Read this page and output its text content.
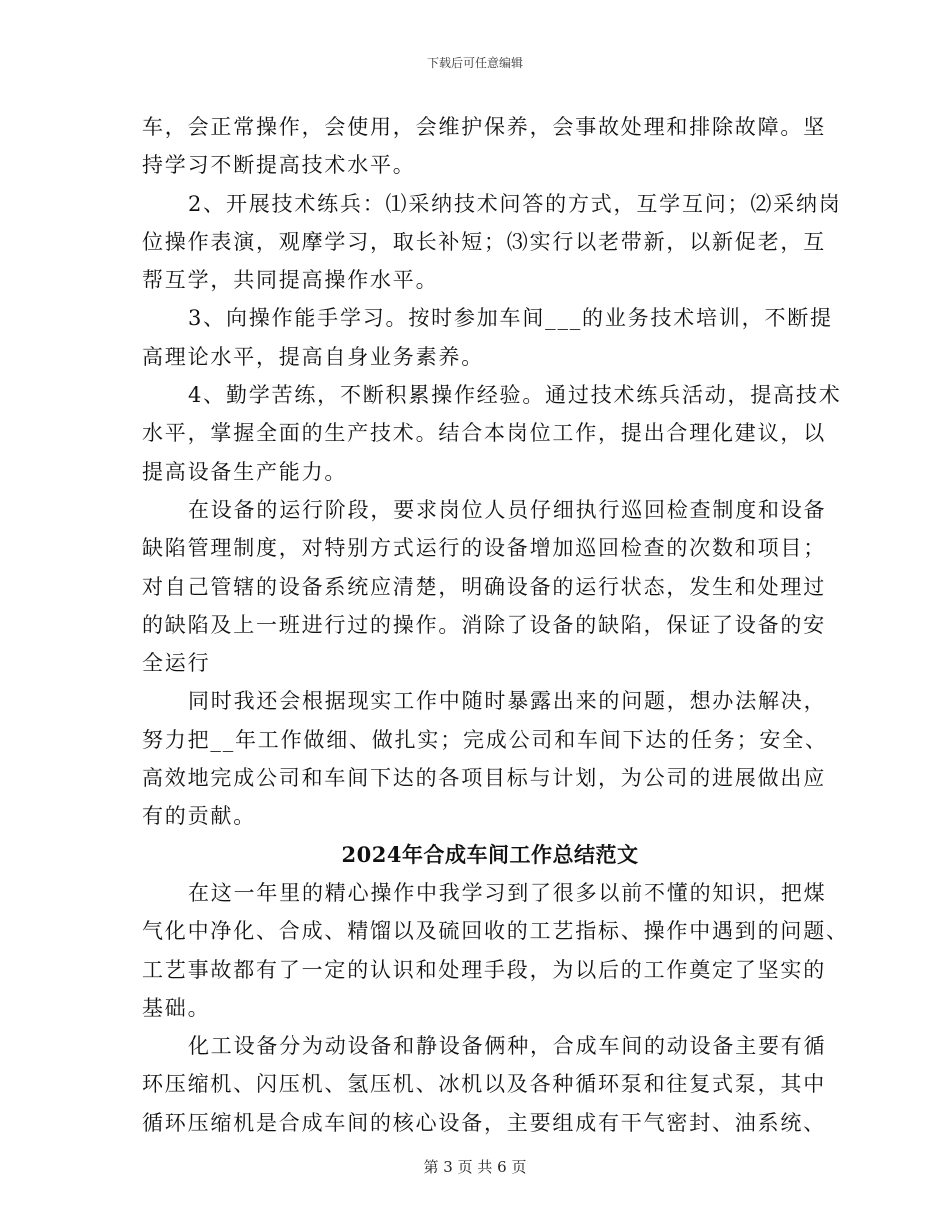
下载后可任意编辑
车，会正常操作，会使用，会维护保养，会事故处理和排除故障。坚
持学习不断提高技术水平。
2、开展技术练兵：⑴采纳技术问答的方式，互学互问；⑵采纳岗
位操作表演，观摩学习，取长补短；⑶实行以老带新，以新促老，互
帮互学，共同提高操作水平。
3、向操作能手学习。按时参加车间___的业务技术培训，不断提
高理论水平，提高自身业务素养。
4、勤学苦练，不断积累操作经验。通过技术练兵活动，提高技术
水平，掌握全面的生产技术。结合本岗位工作，提出合理化建议，以
提高设备生产能力。
在设备的运行阶段，要求岗位人员仔细执行巡回检查制度和设备
缺陷管理制度，对特别方式运行的设备增加巡回检查的次数和项目；
对自己管辖的设备系统应清楚，明确设备的运行状态，发生和处理过
的缺陷及上一班进行过的操作。消除了设备的缺陷，保证了设备的安
全运行
同时我还会根据现实工作中随时暴露出来的问题，想办法解决，
努力把__年工作做细、做扎实；完成公司和车间下达的任务；安全、
高效地完成公司和车间下达的各项目标与计划，为公司的进展做出应
有的贡献。
2024年合成车间工作总结范文
在这一年里的精心操作中我学习到了很多以前不懂的知识，把煤
气化中净化、合成、精馏以及硫回收的工艺指标、操作中遇到的问题、
工艺事故都有了一定的认识和处理手段，为以后的工作奠定了坚实的
基础。
化工设备分为动设备和静设备俩种，合成车间的动设备主要有循
环压缩机、闪压机、氢压机、冰机以及各种循环泵和往复式泵，其中
循环压缩机是合成车间的核心设备，主要组成有干气密封、油系统、
第 3 页 共 6 页
